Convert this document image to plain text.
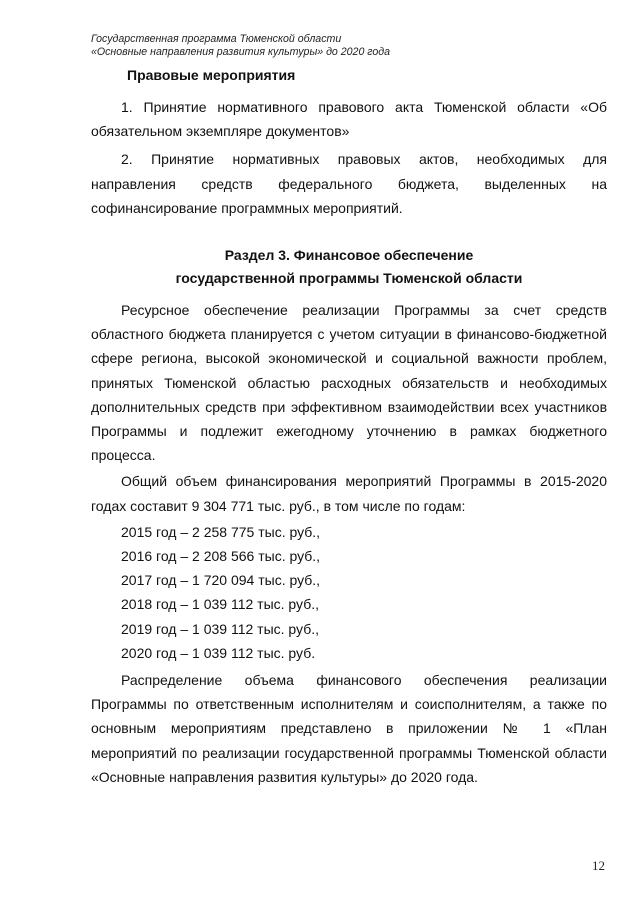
Государственная программа Тюменской области
«Основные направления развития культуры» до 2020 года
Правовые мероприятия

1. Принятие нормативного правового акта Тюменской области «Об обязательном экземпляре документов»

2. Принятие нормативных правовых актов, необходимых для направления средств федерального бюджета, выделенных на софинансирование программных мероприятий.

Раздел 3. Финансовое обеспечение
государственной программы Тюменской области

Ресурсное обеспечение реализации Программы за счет средств областного бюджета планируется с учетом ситуации в финансово-бюджетной сфере региона, высокой экономической и социальной важности проблем, принятых Тюменской областью расходных обязательств и необходимых дополнительных средств при эффективном взаимодействии всех участников Программы и подлежит ежегодному уточнению в рамках бюджетного процесса.

Общий объем финансирования мероприятий Программы в 2015-2020 годах составит 9 304 771 тыс. руб., в том числе по годам:

2015 год – 2 258 775 тыс. руб.,
2016 год – 2 208 566 тыс. руб.,
2017 год – 1 720 094 тыс. руб.,
2018 год – 1 039 112 тыс. руб.,
2019 год – 1 039 112 тыс. руб.,
2020 год – 1 039 112 тыс. руб.

Распределение объема финансового обеспечения реализации Программы по ответственным исполнителям и соисполнителям, а также по основным мероприятиям представлено в приложении № 1 «План мероприятий по реализации государственной программы Тюменской области «Основные направления развития культуры» до 2020 года.

12
